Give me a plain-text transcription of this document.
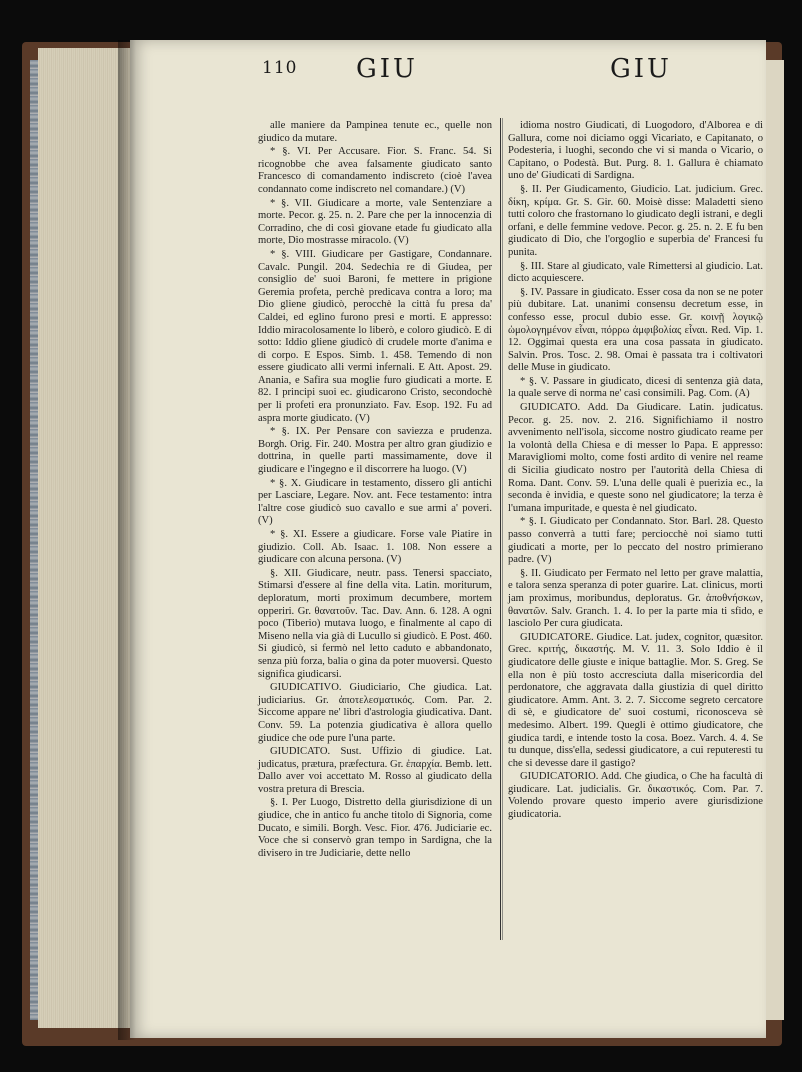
110 GIU	GIU

alle maniere da Pampinea tenute ec., quelle non giudico da mutare.

* §. VI. Per Accusare. Fior. S. Franc. 54. Si ricognobbe che avea falsamente giudicato santo Francesco di comandamento indiscreto (cioè l'avea condannato come indiscreto nel comandare.) (V)

* §. VII. Giudicare a morte, vale Sentenziare a morte. Pecor. g. 25. n. 2. Pare che per la innocenzia di Corradino, che di così giovane etade fu giudicato alla morte, Dio mostrasse miracolo. (V)

* §. VIII. Giudicare per Gastigare, Condannare. Cavalc. Pungil. 204. Sedechia re di Giudea, per consiglio de' suoi Baroni, fe mettere in prigione Geremia profeta, perchè predicava contra a loro; ma Dio gliene giudicò, perocchè la città fu presa da' Caldei, ed eglino furono presi e morti. E appresso: Iddio miracolosamente lo liberò, e coloro giudicò. E di sotto: Iddio gliene giudicò di crudele morte d'anima e di corpo. E Espos. Simb. 1. 458. Temendo di non essere giudicato alli vermi infernali. E Att. Apost. 29. Anania, e Safira sua moglie furo giudicati a morte. E 82. I principi suoi ec. giudicarono Cristo, secondochè per li profeti era pronunziato. Fav. Esop. 192. Fu ad aspra morte giudicato. (V)

* §. IX. Per Pensare con saviezza e prudenza. Borgh. Orig. Fir. 240. Mostra per altro gran giudizio e dottrina, in quelle parti massimamente, dove il giudicare e l'ingegno e il discorrere ha luogo. (V)

* §. X. Giudicare in testamento, dissero gli antichi per Lasciare, Legare. Nov. ant. Fece testamento: intra l'altre cose giudicò suo cavallo e sue armi a' poveri. (V)

* §. XI. Essere a giudicare. Forse vale Piatire in giudizio. Coll. Ab. Isaac. 1. 108. Non essere a giudicare con alcuna persona. (V)

§. XII. Giudicare, neutr. pass. Tenersi spacciato, Stimarsi d'essere al fine della vita. Latin. moriturum, deploratum, morti proximum decumbere, mortem opperiri. Gr. θανατοῦν. Tac. Dav. Ann. 6. 128. A ogni poco (Tiberio) mutava luogo, e finalmente al capo di Miseno nella via già di Lucullo si giudicò. E Post. 460. Si giudicò, si fermò nel letto caduto e abbandonato, senza più forza, balia o gina da poter muoversi. Questo significa giudicarsi.

GIUDICATIVO. Giudiciario, Che giudica. Lat. judiciarius. Gr. ἀποτελεσματικός. Com. Par. 2. Siccome appare ne' libri d'astrologia giudicativa. Dant. Conv. 59. La potenzia giudicativa è allora quello giudice che ode pure l'una parte.

GIUDICATO. Sust. Uffizio di giudice. Lat. judicatus, prætura, præfectura. Gr. ἐπαρχία. Bemb. lett. Dallo aver voi accettato M. Rosso al giudicato della vostra pretura di Brescia.

§. I. Per Luogo, Distretto della giurisdizione di un giudice, che in antico fu anche titolo di Signoria, come Ducato, e simili. Borgh. Vesc. Fior. 476. Judiciarie ec. Voce che si conservò gran tempo in Sardigna, che la divisero in tre Judiciarie, dette nello

idioma nostro Giudicati, di Luogodoro, d'Alborea e di Gallura, come noi diciamo oggi Vicariato, e Capitanato, o Podesteria, i luoghi, secondo che vi si manda o Vicario, o Capitano, o Podestà. But. Purg. 8. 1. Gallura è chiamato uno de' Giudicati di Sardigna.

§. II. Per Giudicamento, Giudicio. Lat. judicium. Grec. δίκη, κρίμα. Gr. S. Gir. 60. Moisè disse: Maladetti sieno tutti coloro che frastornano lo giudicato degli istrani, e degli orfani, e delle femmine vedove. Pecor. g. 25. n. 2. E fu ben giudicato di Dio, che l'orgoglio e superbia de' Francesi fu punita.

§. III. Stare al giudicato, vale Rimettersi al giudicio. Lat. dicto acquiescere.

§. IV. Passare in giudicato. Esser cosa da non se ne poter più dubitare. Lat. unanimi consensu decretum esse, in confesso esse, procul dubio esse. Gr. κοινῇ λογικῷ ὡμολογημένον εἶναι, πόρρω ἀμφιβολίας εἶναι. Red. Vip. 1. 12. Oggimai questa era una cosa passata in giudicato. Salvin. Pros. Tosc. 2. 98. Omai è passata tra i coltivatori delle Muse in giudicato.

* §. V. Passare in giudicato, dicesi di sentenza già data, la quale serve di norma ne' casi consimili. Pag. Com. (A)

GIUDICATO. Add. Da Giudicare. Latin. judicatus. Pecor. g. 25. nov. 2. 216. Significhiamo il nostro avvenimento nell'isola, siccome nostro giudicato reame per la volontà della Chiesa e di messer lo Papa. E appresso: Maravigliomi molto, come fosti ardito di venire nel reame di Sicilia giudicato nostro per l'autorità della Chiesa di Roma. Dant. Conv. 59. L'una delle quali è puerizia ec., la seconda è invidia, e queste sono nel giudicatore; la terza è l'umana impuritade, e questa è nel giudicato.

* §. I. Giudicato per Condannato. Stor. Barl. 28. Questo passo converrà a tutti fare; perciocchè noi siamo tutti giudicati a morte, per lo peccato del nostro primierano padre. (V)

§. II. Giudicato per Fermato nel letto per grave malattia, e talora senza speranza di poter guarire. Lat. clinicus, morti jam proximus, moribundus, deploratus. Gr. ἀποθνήσκων, θανατῶν. Salv. Granch. 1. 4. Io per la parte mia ti sfido, e lasciolo Per cura giudicata.

GIUDICATORE. Giudice. Lat. judex, cognitor, quæsitor. Grec. κριτής, δικαστής. M. V. 11. 3. Solo Iddio è il giudicatore delle giuste e inique battaglie. Mor. S. Greg. Se ella non è più tosto accresciuta dalla misericordia del perdonatore, che aggravata dalla giustizia di quel diritto giudicatore. Amm. Ant. 3. 2. 7. Siccome segreto cercatore di sè, e giudicatore de' suoi costumi, riconosceva sè medesimo. Albert. 199. Quegli è ottimo giudicatore, che giudica tardi, e intende tosto la cosa. Boez. Varch. 4. 4. Se tu dunque, diss'ella, sedessi giudicatore, a cui reputeresti tu che si devesse dare il gastigo?

GIUDICATORIO. Add. Che giudica, o Che ha facultà di giudicare. Lat. judicialis. Gr. δικαστικός. Com. Par. 7. Volendo provare questo imperio avere giurisdizione giudicatoria.
